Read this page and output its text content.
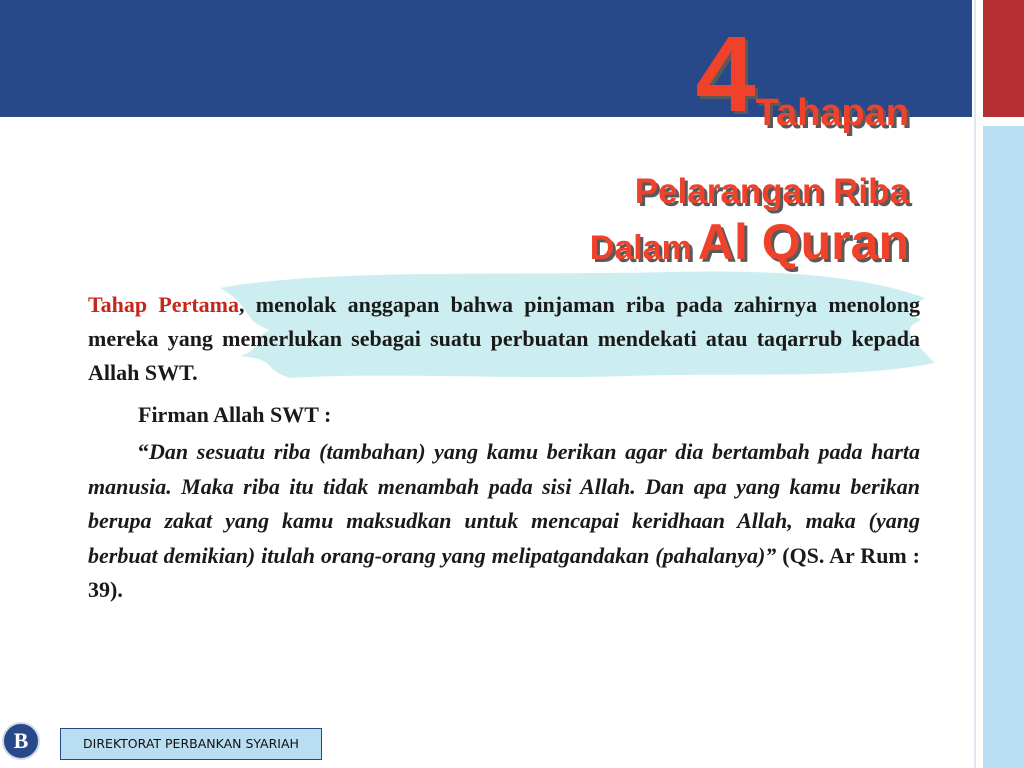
4Tahapan
Pelarangan Riba
Dalam Al Quran
Tahap Pertama, menolak anggapan bahwa pinjaman riba pada zahirnya menolong mereka yang memerlukan sebagai suatu perbuatan mendekati atau taqarrub kepada Allah SWT.
Firman Allah SWT :
“Dan sesuatu riba (tambahan) yang kamu berikan agar dia bertambah pada harta manusia. Maka riba itu tidak menambah pada sisi Allah. Dan apa yang kamu berikan berupa zakat yang kamu maksudkan untuk mencapai keridhaan Allah, maka (yang berbuat demikian) itulah orang-orang yang melipatgandakan (pahalanya)” (QS. Ar Rum : 39).
B	DIREKTORAT PERBANKAN SYARIAH
